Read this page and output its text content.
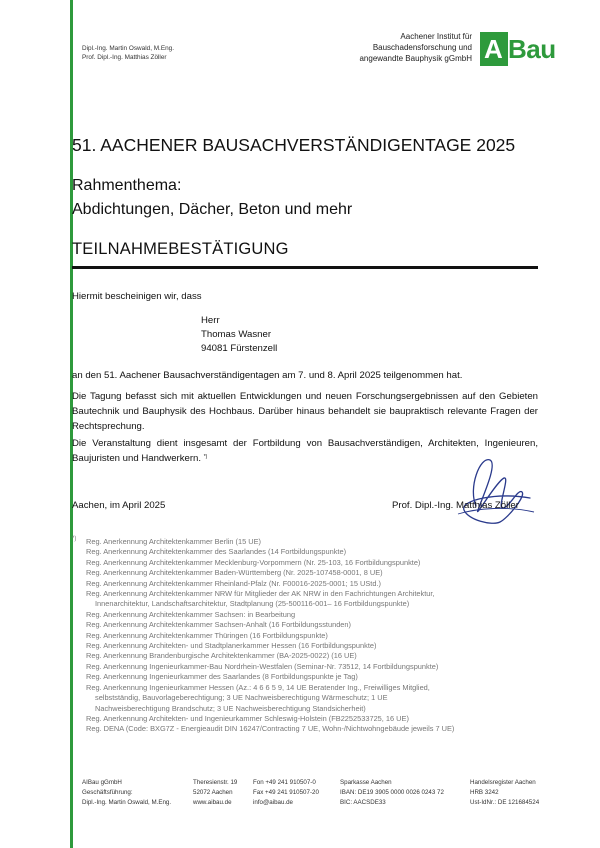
Dipl.-Ing. Martin Oswald, M.Eng.
Prof. Dipl.-Ing. Matthias Zöller
Aachener Institut für
Bauschadensforschung und
angewandte Bauphysik gGmbH A Bau
51. AACHENER BAUSACHVERSTÄNDIGENTAGE 2025
Rahmenthema:
Abdichtungen, Dächer, Beton und mehr
TEILNAHMEBESTÄTIGUNG
Hiermit bescheinigen wir, dass
Herr
Thomas Wasner
94081 Fürstenzell
an den 51. Aachener Bausachverständigentagen am 7. und 8. April 2025 teilgenommen hat.
Die Tagung befasst sich mit aktuellen Entwicklungen und neuen Forschungsergebnissen auf den Gebieten Bautechnik und Bauphysik des Hochbaus. Darüber hinaus behandelt sie baupraktisch relevante Fragen der Rechtsprechung.
Die Veranstaltung dient insgesamt der Fortbildung von Bausachverständigen, Architekten, Ingenieuren, Baujuristen und Handwerkern. *)
Aachen, im April 2025	Prof. Dipl.-Ing. Matthias Zöller
*) Reg. Anerkennung Architektenkammer Berlin (15 UE)
Reg. Anerkennung Architektenkammer des Saarlandes (14 Fortbildungspunkte)
Reg. Anerkennung Architektenkammer Mecklenburg-Vorpommern (Nr. 25-103, 16 Fortbildungspunkte)
Reg. Anerkennung Architektenkammer Baden-Württemberg (Nr. 2025-107458-0001, 8 UE)
Reg. Anerkennung Architektenkammer Rheinland-Pfalz (Nr. F00016-2025-0001; 15 UStd.)
Reg. Anerkennung Architektenkammer NRW für Mitglieder der AK NRW in den Fachrichtungen Architektur,
Innenarchitektur, Landschaftsarchitektur, Stadtplanung (25-500116-001– 16 Fortbildungspunkte)
Reg. Anerkennung Architektenkammer Sachsen: in Bearbeitung
Reg. Anerkennung Architektenkammer Sachsen-Anhalt (16 Fortbildungsstunden)
Reg. Anerkennung Architektenkammer Thüringen (16 Fortbildungspunkte)
Reg. Anerkennung Architekten- und Stadtplanerkammer Hessen (16 Fortbildungspunkte)
Reg. Anerkennung Brandenburgische Architektenkammer (BA-2025-0022) (16 UE)
Reg. Anerkennung Ingenieurkammer-Bau Nordrhein-Westfalen (Seminar-Nr. 73512, 14 Fortbildungspunkte)
Reg. Anerkennung Ingenieurkammer des Saarlandes (8 Fortbildungspunkte je Tag)
Reg. Anerkennung Ingenieurkammer Hessen (Az.: 4 6 6 5 9, 14 UE Beratender Ing., Freiwilliges Mitglied,
selbstständig, Bauvorlageberechtigung; 3 UE Nachweisberechtigung Wärmeschutz; 1 UE
Nachweisberechtigung Brandschutz; 3 UE Nachweisberechtigung Standsicherheit)
Reg. Anerkennung Architekten- und Ingenieurkammer Schleswig-Holstein (FB2252533725, 16 UE)
Reg. DENA (Code: BXG7Z - Energieaudit DIN 16247/Contracting 7 UE, Wohn-/Nichtwohngebäude jeweils 7 UE)
AIBau gGmbH
Geschäftsführung:
Dipl.-Ing. Martin Oswald, M.Eng.
Theresienstr. 19
52072 Aachen
www.aibau.de
Fon +49 241 910507-0
Fax +49 241 910507-20
info@aibau.de
Sparkasse Aachen
IBAN: DE19 3905 0000 0026 0243 72
BIC: AACSDE33
Handelsregister Aachen
HRB 3242
Ust-IdNr.: DE 121684524
